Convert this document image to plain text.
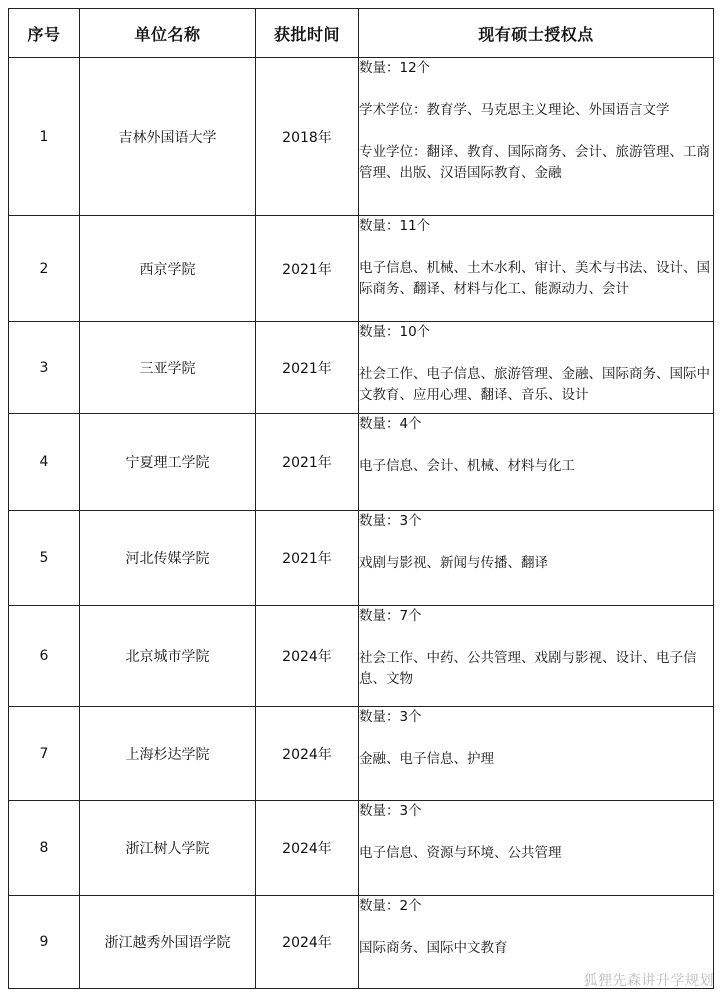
序号	单位名称	获批时间	现有硕士授权点
1	吉林外国语大学	2018年	数量：12个
学术学位：教育学、马克思主义理论、外国语言文学
专业学位：翻译、教育、国际商务、会计、旅游管理、工商管理、出版、汉语国际教育、金融

2	西京学院	2021年	数量：11个
电子信息、机械、土木水利、审计、美术与书法、设计、国际商务、翻译、材料与化工、能源动力、会计

3	三亚学院	2021年	数量：10个
社会工作、电子信息、旅游管理、金融、国际商务、国际中文教育、应用心理、翻译、音乐、设计

4	宁夏理工学院	2021年	数量：4个
电子信息、会计、机械、材料与化工

5	河北传媒学院	2021年	数量：3个
戏剧与影视、新闻与传播、翻译

6	北京城市学院	2024年	数量：7个
社会工作、中药、公共管理、戏剧与影视、设计、电子信息、文物

7	上海杉达学院	2024年	数量：3个
金融、电子信息、护理

8	浙江树人学院	2024年	数量：3个
电子信息、资源与环境、公共管理

9	浙江越秀外国语学院	2024年	数量：2个
国际商务、国际中文教育
狐狸先森讲升学规划
